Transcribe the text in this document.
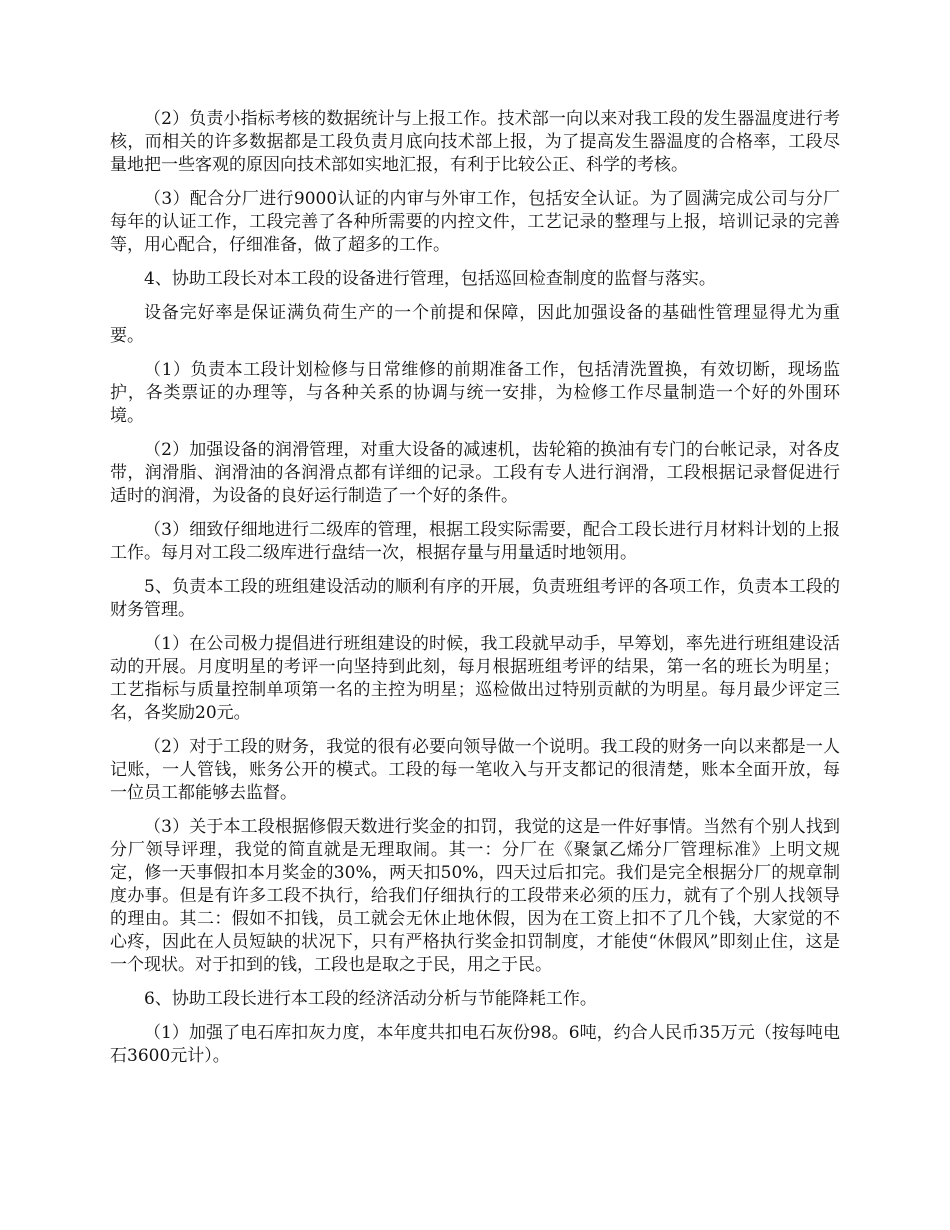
（2）负责小指标考核的数据统计与上报工作。技术部一向以来对我工段的发生器温度进行考核，而相关的许多数据都是工段负责月底向技术部上报，为了提高发生器温度的合格率，工段尽量地把一些客观的原因向技术部如实地汇报，有利于比较公正、科学的考核。

（3）配合分厂进行9000认证的内审与外审工作，包括安全认证。为了圆满完成公司与分厂每年的认证工作，工段完善了各种所需要的内控文件，工艺记录的整理与上报，培训记录的完善等，用心配合，仔细准备，做了超多的工作。

4、协助工段长对本工段的设备进行管理，包括巡回检查制度的监督与落实。

设备完好率是保证满负荷生产的一个前提和保障，因此加强设备的基础性管理显得尤为重要。

（1）负责本工段计划检修与日常维修的前期准备工作，包括清洗置换，有效切断，现场监护，各类票证的办理等，与各种关系的协调与统一安排，为检修工作尽量制造一个好的外围环境。

（2）加强设备的润滑管理，对重大设备的减速机，齿轮箱的换油有专门的台帐记录，对各皮带，润滑脂、润滑油的各润滑点都有详细的记录。工段有专人进行润滑，工段根据记录督促进行适时的润滑，为设备的良好运行制造了一个好的条件。

（3）细致仔细地进行二级库的管理，根据工段实际需要，配合工段长进行月材料计划的上报工作。每月对工段二级库进行盘结一次，根据存量与用量适时地领用。

5、负责本工段的班组建设活动的顺利有序的开展，负责班组考评的各项工作，负责本工段的财务管理。

（1）在公司极力提倡进行班组建设的时候，我工段就早动手，早筹划，率先进行班组建设活动的开展。月度明星的考评一向坚持到此刻，每月根据班组考评的结果，第一名的班长为明星；工艺指标与质量控制单项第一名的主控为明星；巡检做出过特别贡献的为明星。每月最少评定三名，各奖励20元。

（2）对于工段的财务，我觉的很有必要向领导做一个说明。我工段的财务一向以来都是一人记账，一人管钱，账务公开的模式。工段的每一笔收入与开支都记的很清楚，账本全面开放，每一位员工都能够去监督。

（3）关于本工段根据修假天数进行奖金的扣罚，我觉的这是一件好事情。当然有个别人找到分厂领导评理，我觉的简直就是无理取闹。其一：分厂在《聚氯乙烯分厂管理标准》上明文规定，修一天事假扣本月奖金的30%，两天扣50%，四天过后扣完。我们是完全根据分厂的规章制度办事。但是有许多工段不执行，给我们仔细执行的工段带来必须的压力，就有了个别人找领导的理由。其二：假如不扣钱，员工就会无休止地休假，因为在工资上扣不了几个钱，大家觉的不心疼，因此在人员短缺的状况下，只有严格执行奖金扣罚制度，才能使“休假风”即刻止住，这是一个现状。对于扣到的钱，工段也是取之于民，用之于民。

6、协助工段长进行本工段的经济活动分析与节能降耗工作。

（1）加强了电石库扣灰力度，本年度共扣电石灰份98。6吨，约合人民币35万元（按每吨电石3600元计）。
